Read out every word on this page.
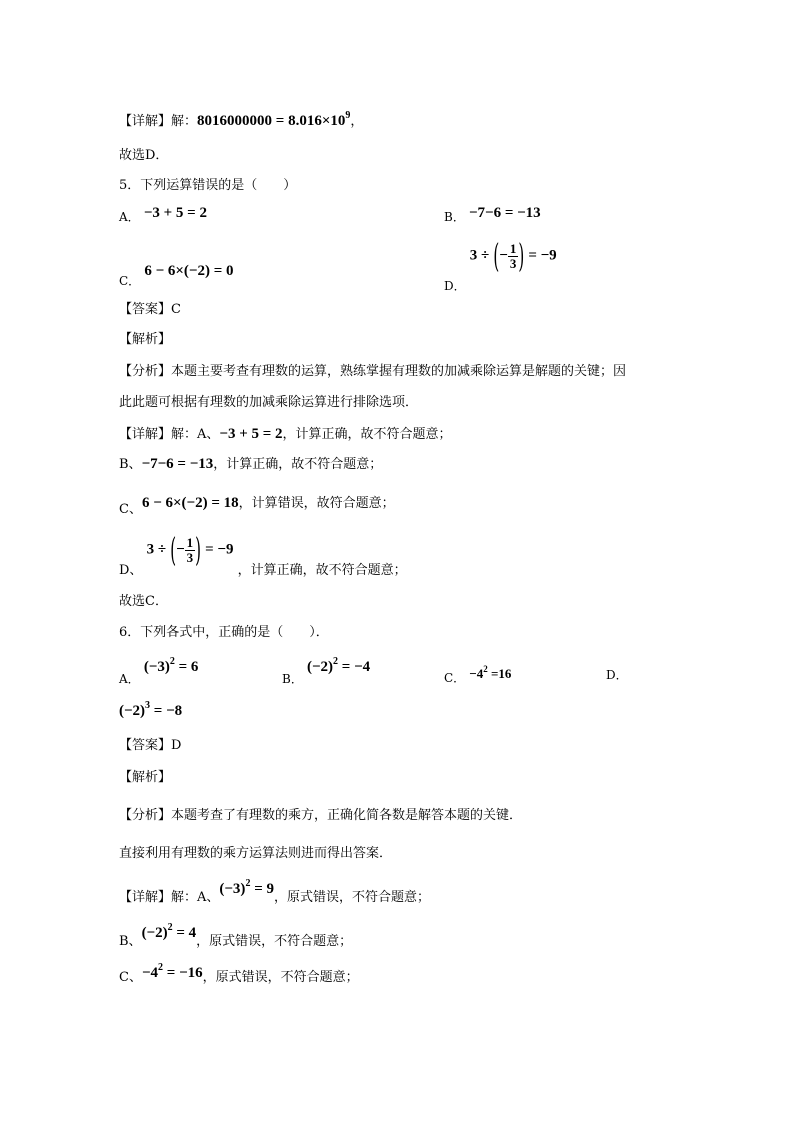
【详解】解：$8016000000 = 8.016\times 10^9$，
故选D．
5．下列运算错误的是（　　）
A． −3 + 5 = 2	B． −7−6 = −13
C． 6 − 6×(−2) = 0
D． 3 ÷ (− $\frac{1}{3}$ ) = −9
【答案】C
【解析】
【分析】本题主要考查有理数的运算，熟练掌握有理数的加减乘除运算是解题的关键；因
此此题可根据有理数的加减乘除运算进行排除选项．
【详解】解：A、−3 + 5 = 2，计算正确，故不符合题意；
B、−7−6 = −13，计算正确，故不符合题意；
C、6 − 6×(−2) = 18，计算错误，故符合题意；
D、 3 ÷ (− $\frac{1}{3}$ ) = −9 ，计算正确，故不符合题意；
故选C．
6．下列各式中，正确的是（　　）．
A． $(-3)^2 = 6$
B． $(-2)^2 = -4$
C． $-4^2 =16$	D．
$(-2)^3 = -8$
【答案】D
【解析】
【分析】本题考查了有理数的乘方，正确化简各数是解答本题的关键．
直接利用有理数的乘方运算法则进而得出答案．
【详解】解：A、$(-3)^2 = 9$，原式错误，不符合题意；
B、$(-2)^2 = 4$，原式错误，不符合题意；
C、$-4^2 = -16$，原式错误，不符合题意；
